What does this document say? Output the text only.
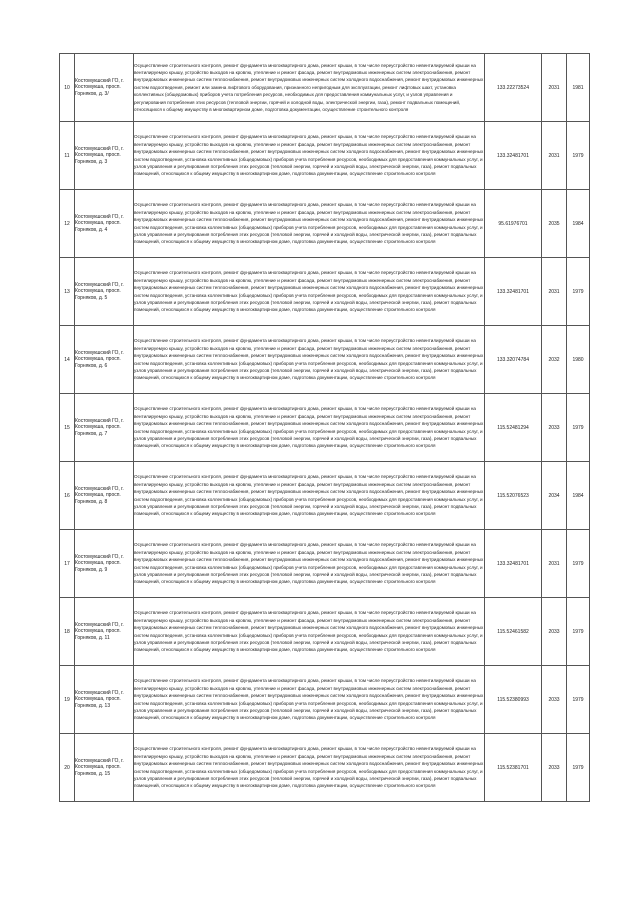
10	Костомукшский ГО, г. Костомукша, просп. Горняков, д. 3/	Осуществление строительного контроля, ремонт фундамента многоквартирного дома, ремонт крыши, в том числе переустройство невентилируемой крыши на вентилируемую крышу, устройство выходов на кровлю, утепление и ремонт фасада, ремонт внутридомовых инженерных систем электроснабжения, ремонт внутридомовых инженерных систем теплоснабжения, ремонт внутридомовых инженерных систем холодного водоснабжения, ремонт внутридомовых инженерных систем водоотведения, ремонт или замена лифтового оборудования, признанного непригодным для эксплуатации, ремонт лифтовых шахт, установка коллективных (общедомовых) приборов учета потребления ресурсов, необходимых для предоставления коммунальных услуг, и узлов управления и регулирования потребления этих ресурсов (тепловой энергии, горячей и холодной воды, электрической энергии, газа), ремонт подвальных помещений, относящихся к общему имуществу в многоквартирном доме, подготовка документации, осуществление строительного контроля	133.22273524	2031	1981
11	Костомукшский ГО, г. Костомукша, просп. Горняков, д. 3	Осуществление строительного контроля, ремонт фундамента многоквартирного дома, ремонт крыши, в том числе переустройство невентилируемой крыши на вентилируемую крышу, устройство выходов на кровлю, утепление и ремонт фасада, ремонт внутридомовых инженерных систем электроснабжения, ремонт внутридомовых инженерных систем теплоснабжения, ремонт внутридомовых инженерных систем холодного водоснабжения, ремонт внутридомовых инженерных систем водоотведения, установка коллективных (общедомовых) приборов учета потребления ресурсов, необходимых для предоставления коммунальных услуг, и узлов управления и регулирования потребления этих ресурсов (тепловой энергии, горячей и холодной воды, электрической энергии, газа), ремонт подвальных помещений, относящихся к общему имуществу в многоквартирном доме, подготовка документации, осуществление строительного контроля	133.32481701	2031	1979
12	Костомукшский ГО, г. Костомукша, просп. Горняков, д. 4	Осуществление строительного контроля, ремонт фундамента многоквартирного дома, ремонт крыши, в том числе переустройство невентилируемой крыши на вентилируемую крышу, устройство выходов на кровлю, утепление и ремонт фасада, ремонт внутридомовых инженерных систем электроснабжения, ремонт внутридомовых инженерных систем теплоснабжения, ремонт внутридомовых инженерных систем холодного водоснабжения, ремонт внутридомовых инженерных систем водоотведения, установка коллективных (общедомовых) приборов учета потребления ресурсов, необходимых для предоставления коммунальных услуг, и узлов управления и регулирования потребления этих ресурсов (тепловой энергии, горячей и холодной воды, электрической энергии, газа), ремонт подвальных помещений, относящихся к общему имуществу в многоквартирном доме, подготовка документации, осуществление строительного контроля	95.61976701	2035	1984
13	Костомукшский ГО, г. Костомукша, просп. Горняков, д. 5	Осуществление строительного контроля, ремонт фундамента многоквартирного дома, ремонт крыши, в том числе переустройство невентилируемой крыши на вентилируемую крышу, устройство выходов на кровлю, утепление и ремонт фасада, ремонт внутридомовых инженерных систем электроснабжения, ремонт внутридомовых инженерных систем теплоснабжения, ремонт внутридомовых инженерных систем холодного водоснабжения, ремонт внутридомовых инженерных систем водоотведения, установка коллективных (общедомовых) приборов учета потребления ресурсов, необходимых для предоставления коммунальных услуг, и узлов управления и регулирования потребления этих ресурсов (тепловой энергии, горячей и холодной воды, электрической энергии, газа), ремонт подвальных помещений, относящихся к общему имуществу в многоквартирном доме, подготовка документации, осуществление строительного контроля	133.32481701	2031	1979
14	Костомукшский ГО, г. Костомукша, просп. Горняков, д. 6	Осуществление строительного контроля, ремонт фундамента многоквартирного дома, ремонт крыши, в том числе переустройство невентилируемой крыши на вентилируемую крышу, устройство выходов на кровлю, утепление и ремонт фасада, ремонт внутридомовых инженерных систем электроснабжения, ремонт внутридомовых инженерных систем теплоснабжения, ремонт внутридомовых инженерных систем холодного водоснабжения, ремонт внутридомовых инженерных систем водоотведения, установка коллективных (общедомовых) приборов учета потребления ресурсов, необходимых для предоставления коммунальных услуг, и узлов управления и регулирования потребления этих ресурсов (тепловой энергии, горячей и холодной воды, электрической энергии, газа), ремонт подвальных помещений, относящихся к общему имуществу в многоквартирном доме, подготовка документации, осуществление строительного контроля	133.32074784	2032	1980
15	Костомукшский ГО, г. Костомукша, просп. Горняков, д. 7	Осуществление строительного контроля, ремонт фундамента многоквартирного дома, ремонт крыши, в том числе переустройство невентилируемой крыши на вентилируемую крышу, устройство выходов на кровлю, утепление и ремонт фасада, ремонт внутридомовых инженерных систем электроснабжения, ремонт внутридомовых инженерных систем теплоснабжения, ремонт внутридомовых инженерных систем холодного водоснабжения, ремонт внутридомовых инженерных систем водоотведения, установка коллективных (общедомовых) приборов учета потребления ресурсов, необходимых для предоставления коммунальных услуг, и узлов управления и регулирования потребления этих ресурсов (тепловой энергии, горячей и холодной воды, электрической энергии, газа), ремонт подвальных помещений, относящихся к общему имуществу в многоквартирном доме, подготовка документации, осуществление строительного контроля	115.52481294	2033	1979
16	Костомукшский ГО, г. Костомукша, просп. Горняков, д. 8	Осуществление строительного контроля, ремонт фундамента многоквартирного дома, ремонт крыши, в том числе переустройство невентилируемой крыши на вентилируемую крышу, устройство выходов на кровлю, утепление и ремонт фасада, ремонт внутридомовых инженерных систем электроснабжения, ремонт внутридомовых инженерных систем теплоснабжения, ремонт внутридомовых инженерных систем холодного водоснабжения, ремонт внутридомовых инженерных систем водоотведения, установка коллективных (общедомовых) приборов учета потребления ресурсов, необходимых для предоставления коммунальных услуг, и узлов управления и регулирования потребления этих ресурсов (тепловой энергии, горячей и холодной воды, электрической энергии, газа), ремонт подвальных помещений, относящихся к общему имуществу в многоквартирном доме, подготовка документации, осуществление строительного контроля	115.52076523	2034	1984
17	Костомукшский ГО, г. Костомукша, просп. Горняков, д. 9	Осуществление строительного контроля, ремонт фундамента многоквартирного дома, ремонт крыши, в том числе переустройство невентилируемой крыши на вентилируемую крышу, устройство выходов на кровлю, утепление и ремонт фасада, ремонт внутридомовых инженерных систем электроснабжения, ремонт внутридомовых инженерных систем теплоснабжения, ремонт внутридомовых инженерных систем холодного водоснабжения, ремонт внутридомовых инженерных систем водоотведения, установка коллективных (общедомовых) приборов учета потребления ресурсов, необходимых для предоставления коммунальных услуг, и узлов управления и регулирования потребления этих ресурсов (тепловой энергии, горячей и холодной воды, электрической энергии, газа), ремонт подвальных помещений, относящихся к общему имуществу в многоквартирном доме, подготовка документации, осуществление строительного контроля	133.32481701	2031	1979
18	Костомукшский ГО, г. Костомукша, просп. Горняков, д. 11	Осуществление строительного контроля, ремонт фундамента многоквартирного дома, ремонт крыши, в том числе переустройство невентилируемой крыши на вентилируемую крышу, устройство выходов на кровлю, утепление и ремонт фасада, ремонт внутридомовых инженерных систем электроснабжения, ремонт внутридомовых инженерных систем теплоснабжения, ремонт внутридомовых инженерных систем холодного водоснабжения, ремонт внутридомовых инженерных систем водоотведения, установка коллективных (общедомовых) приборов учета потребления ресурсов, необходимых для предоставления коммунальных услуг, и узлов управления и регулирования потребления этих ресурсов (тепловой энергии, горячей и холодной воды, электрической энергии, газа), ремонт подвальных помещений, относящихся к общему имуществу в многоквартирном доме, подготовка документации, осуществление строительного контроля	115.52461582	2033	1979
19	Костомукшский ГО, г. Костомукша, просп. Горняков, д. 13	Осуществление строительного контроля, ремонт фундамента многоквартирного дома, ремонт крыши, в том числе переустройство невентилируемой крыши на вентилируемую крышу, устройство выходов на кровлю, утепление и ремонт фасада, ремонт внутридомовых инженерных систем электроснабжения, ремонт внутридомовых инженерных систем теплоснабжения, ремонт внутридомовых инженерных систем холодного водоснабжения, ремонт внутридомовых инженерных систем водоотведения, установка коллективных (общедомовых) приборов учета потребления ресурсов, необходимых для предоставления коммунальных услуг, и узлов управления и регулирования потребления этих ресурсов (тепловой энергии, горячей и холодной воды, электрической энергии, газа), ремонт подвальных помещений, относящихся к общему имуществу в многоквартирном доме, подготовка документации, осуществление строительного контроля	115.52380993	2033	1979
20	Костомукшский ГО, г. Костомукша, просп. Горняков, д. 15	Осуществление строительного контроля, ремонт фундамента многоквартирного дома, ремонт крыши, в том числе переустройство невентилируемой крыши на вентилируемую крышу, устройство выходов на кровлю, утепление и ремонт фасада, ремонт внутридомовых инженерных систем электроснабжения, ремонт внутридомовых инженерных систем теплоснабжения, ремонт внутридомовых инженерных систем холодного водоснабжения, ремонт внутридомовых инженерных систем водоотведения, установка коллективных (общедомовых) приборов учета потребления ресурсов, необходимых для предоставления коммунальных услуг, и узлов управления и регулирования потребления этих ресурсов (тепловой энергии, горячей и холодной воды, электрической энергии, газа), ремонт подвальных помещений, относящихся к общему имуществу в многоквартирном доме, подготовка документации, осуществление строительного контроля	115.52381701	2033	1979
